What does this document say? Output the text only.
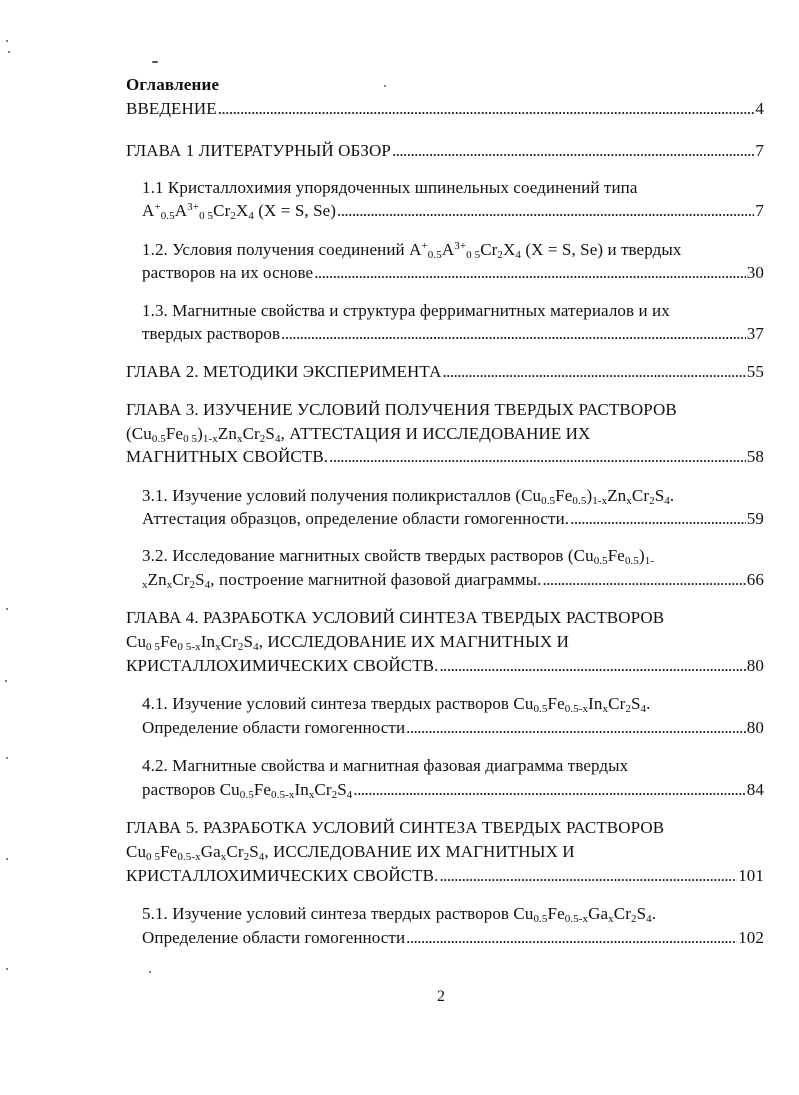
Оглавление
ВВЕДЕНИЕ . . .	4
ГЛАВА 1 ЛИТЕРАТУРНЫЙ ОБЗОР . . .	7
1.1 Кристаллохимия упорядоченных шпинельных соединений типа
$A^+_{0.5}A^{3+}_{0 5}Cr_2X_4$ (X = S, Se) . . .	7
1.2. Условия получения соединений $A^+_{0.5}A^{3+}_{0 5}Cr_2X_4$ (X = S, Se) и твердых
растворов на их основе . . .	30
1.3. Магнитные свойства и структура ферримагнитных материалов и их
твердых растворов . . .	37
ГЛАВА 2. МЕТОДИКИ ЭКСПЕРИМЕНТА . . .	55
ГЛАВА 3. ИЗУЧЕНИЕ УСЛОВИЙ ПОЛУЧЕНИЯ ТВЕРДЫХ РАСТВОРОВ
$(Cu_{0.5}Fe_{0 5})_{1-x}Zn_xCr_2S_4$, АТТЕСТАЦИЯ И ИССЛЕДОВАНИЕ ИХ
МАГНИТНЫХ СВОЙСТВ. . . .	58
3.1. Изучение условий получения поликристаллов $(Cu_{0.5}Fe_{0.5})_{1-x}Zn_xCr_2S_4$.
Аттестация образцов, определение области гомогенности. . . .	59
3.2. Исследование магнитных свойств твердых растворов $(Cu_{0.5}Fe_{0.5})_{1-}$
$_xZn_xCr_2S_4$, построение магнитной фазовой диаграммы. . . .	66
ГЛАВА 4. РАЗРАБОТКА УСЛОВИЙ СИНТЕЗА ТВЕРДЫХ РАСТВОРОВ
$Cu_{0 5}Fe_{0 5-x}In_xCr_2S_4$, ИССЛЕДОВАНИЕ ИХ МАГНИТНЫХ И
КРИСТАЛЛОХИМИЧЕСКИХ СВОЙСТВ. . . .	80
4.1. Изучение условий синтеза твердых растворов $Cu_{0.5}Fe_{0.5-x}In_xCr_2S_4$.
Определение области гомогенности . . .	80
4.2. Магнитные свойства и магнитная фазовая диаграмма твердых
растворов $Cu_{0.5}Fe_{0.5-x}In_xCr_2S_4$ . . .	84
ГЛАВА 5. РАЗРАБОТКА УСЛОВИЙ СИНТЕЗА ТВЕРДЫХ РАСТВОРОВ
$Cu_{0 5}Fe_{0.5-x}Ga_xCr_2S_4$, ИССЛЕДОВАНИЕ ИХ МАГНИТНЫХ И
КРИСТАЛЛОХИМИЧЕСКИХ СВОЙСТВ. . . .	101
5.1. Изучение условий синтеза твердых растворов $Cu_{0.5}Fe_{0.5-x}Ga_xCr_2S_4$.
Определение области гомогенности . . .	102
2
